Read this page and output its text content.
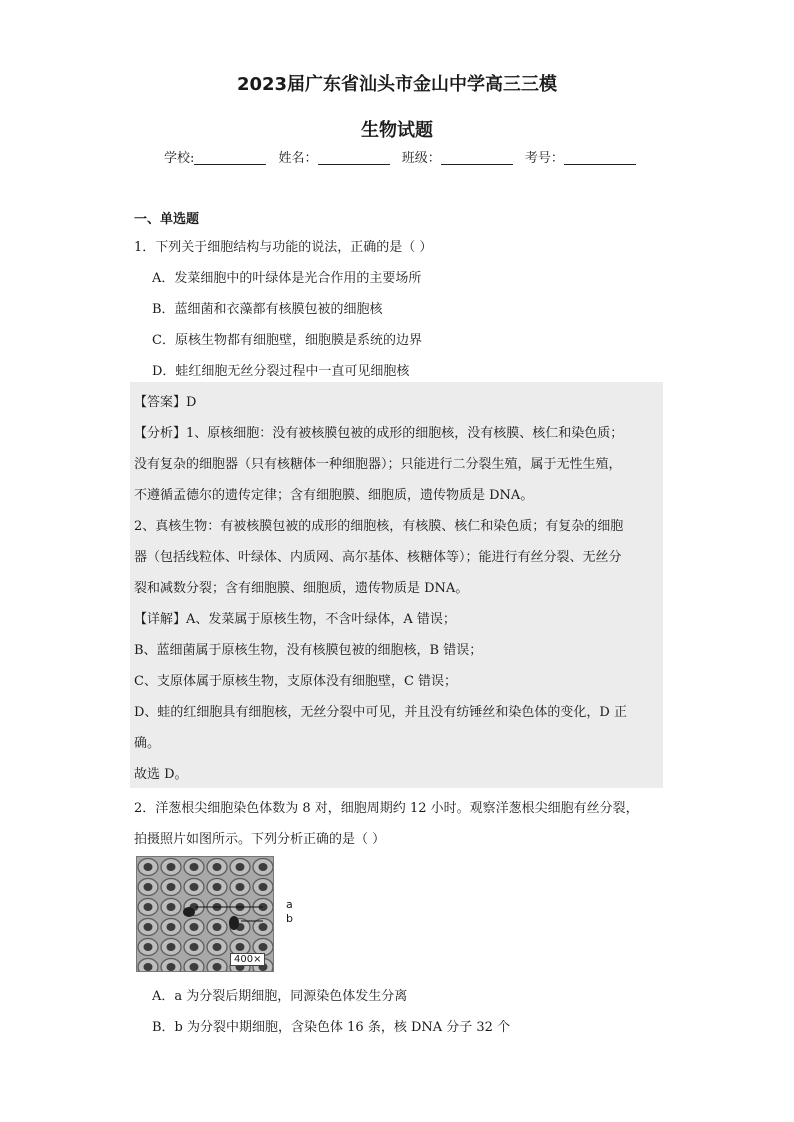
2023届广东省汕头市金山中学高三三模
生物试题
学校:	姓名：	班级：	考号：
一、单选题
1．下列关于细胞结构与功能的说法，正确的是（ ）
A．发菜细胞中的叶绿体是光合作用的主要场所
B．蓝细菌和衣藻都有核膜包被的细胞核
C．原核生物都有细胞壁，细胞膜是系统的边界
D．蛙红细胞无丝分裂过程中一直可见细胞核
【答案】D
【分析】1、原核细胞：没有被核膜包被的成形的细胞核，没有核膜、核仁和染色质；
没有复杂的细胞器（只有核糖体一种细胞器）；只能进行二分裂生殖，属于无性生殖，
不遵循孟德尔的遗传定律；含有细胞膜、细胞质，遗传物质是 DNA。
2、真核生物：有被核膜包被的成形的细胞核，有核膜、核仁和染色质；有复杂的细胞
器（包括线粒体、叶绿体、内质网、高尔基体、核糖体等）；能进行有丝分裂、无丝分
裂和减数分裂；含有细胞膜、细胞质，遗传物质是 DNA。
【详解】A、发菜属于原核生物，不含叶绿体，A 错误；
B、蓝细菌属于原核生物，没有核膜包被的细胞核，B 错误；
C、支原体属于原核生物，支原体没有细胞壁，C 错误；
D、蛙的红细胞具有细胞核，无丝分裂中可见，并且没有纺锤丝和染色体的变化，D 正
确。
故选 D。
2．洋葱根尖细胞染色体数为 8 对，细胞周期约 12 小时。观察洋葱根尖细胞有丝分裂，
拍摄照片如图所示。下列分析正确的是（ ）
a
b
400×
A．a 为分裂后期细胞，同源染色体发生分离
B．b 为分裂中期细胞，含染色体 16 条，核 DNA 分子 32 个
